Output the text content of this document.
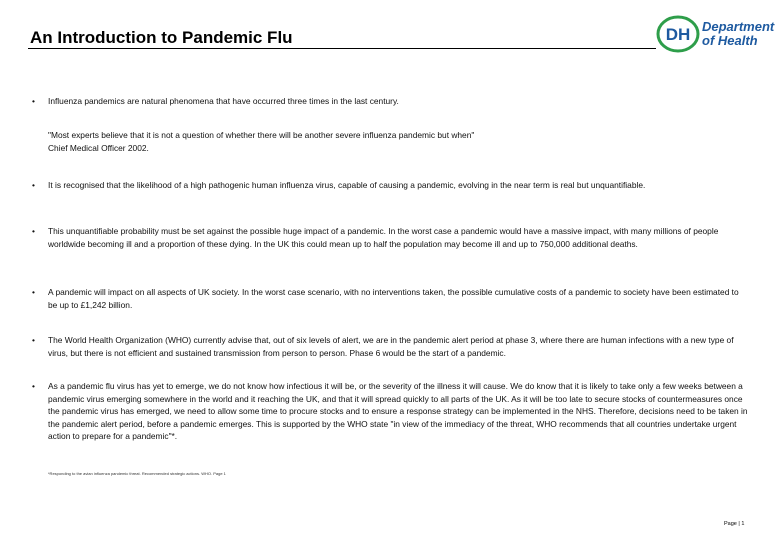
An Introduction to Pandemic Flu	DH Department
of Health
•	Influenza pandemics are natural phenomena that have occurred three times in the last century.
"Most experts believe that it is not a question of whether there will be another severe influenza pandemic but when"
Chief Medical Officer 2002.
•	It is recognised that the likelihood of a high pathogenic human influenza virus, capable of causing a pandemic, evolving in the near term is real but unquantifiable.
•	This unquantifiable probability must be set against the possible huge impact of a pandemic. In the worst case a pandemic would have a massive impact, with many millions of people worldwide becoming ill and a proportion of these dying. In the UK this could mean up to half the population may become ill and up to 750,000 additional deaths.
•	A pandemic will impact on all aspects of UK society. In the worst case scenario, with no interventions taken, the possible cumulative costs of a pandemic to society have been estimated to be up to £1,242 billion.
•	The World Health Organization (WHO) currently advise that, out of six levels of alert, we are in the pandemic alert period at phase 3, where there are human infections with a new type of virus, but there is not efficient and sustained transmission from person to person. Phase 6 would be the start of a pandemic.
•	As a pandemic flu virus has yet to emerge, we do not know how infectious it will be, or the severity of the illness it will cause. We do know that it is likely to take only a few weeks between a pandemic virus emerging somewhere in the world and it reaching the UK, and that it will spread quickly to all parts of the UK. As it will be too late to secure stocks of countermeasures once the pandemic virus has emerged, we need to allow some time to procure stocks and to ensure a response strategy can be implemented in the NHS. Therefore, decisions need to be taken in the pandemic alert period, before a pandemic emerges. This is supported by the WHO state "in view of the immediacy of the threat, WHO recommends that all countries undertake urgent action to prepare for a pandemic"*.
*Responding to the avian influenza pandemic threat. Recommended strategic actions. WHO. Page 1
Page | 1
